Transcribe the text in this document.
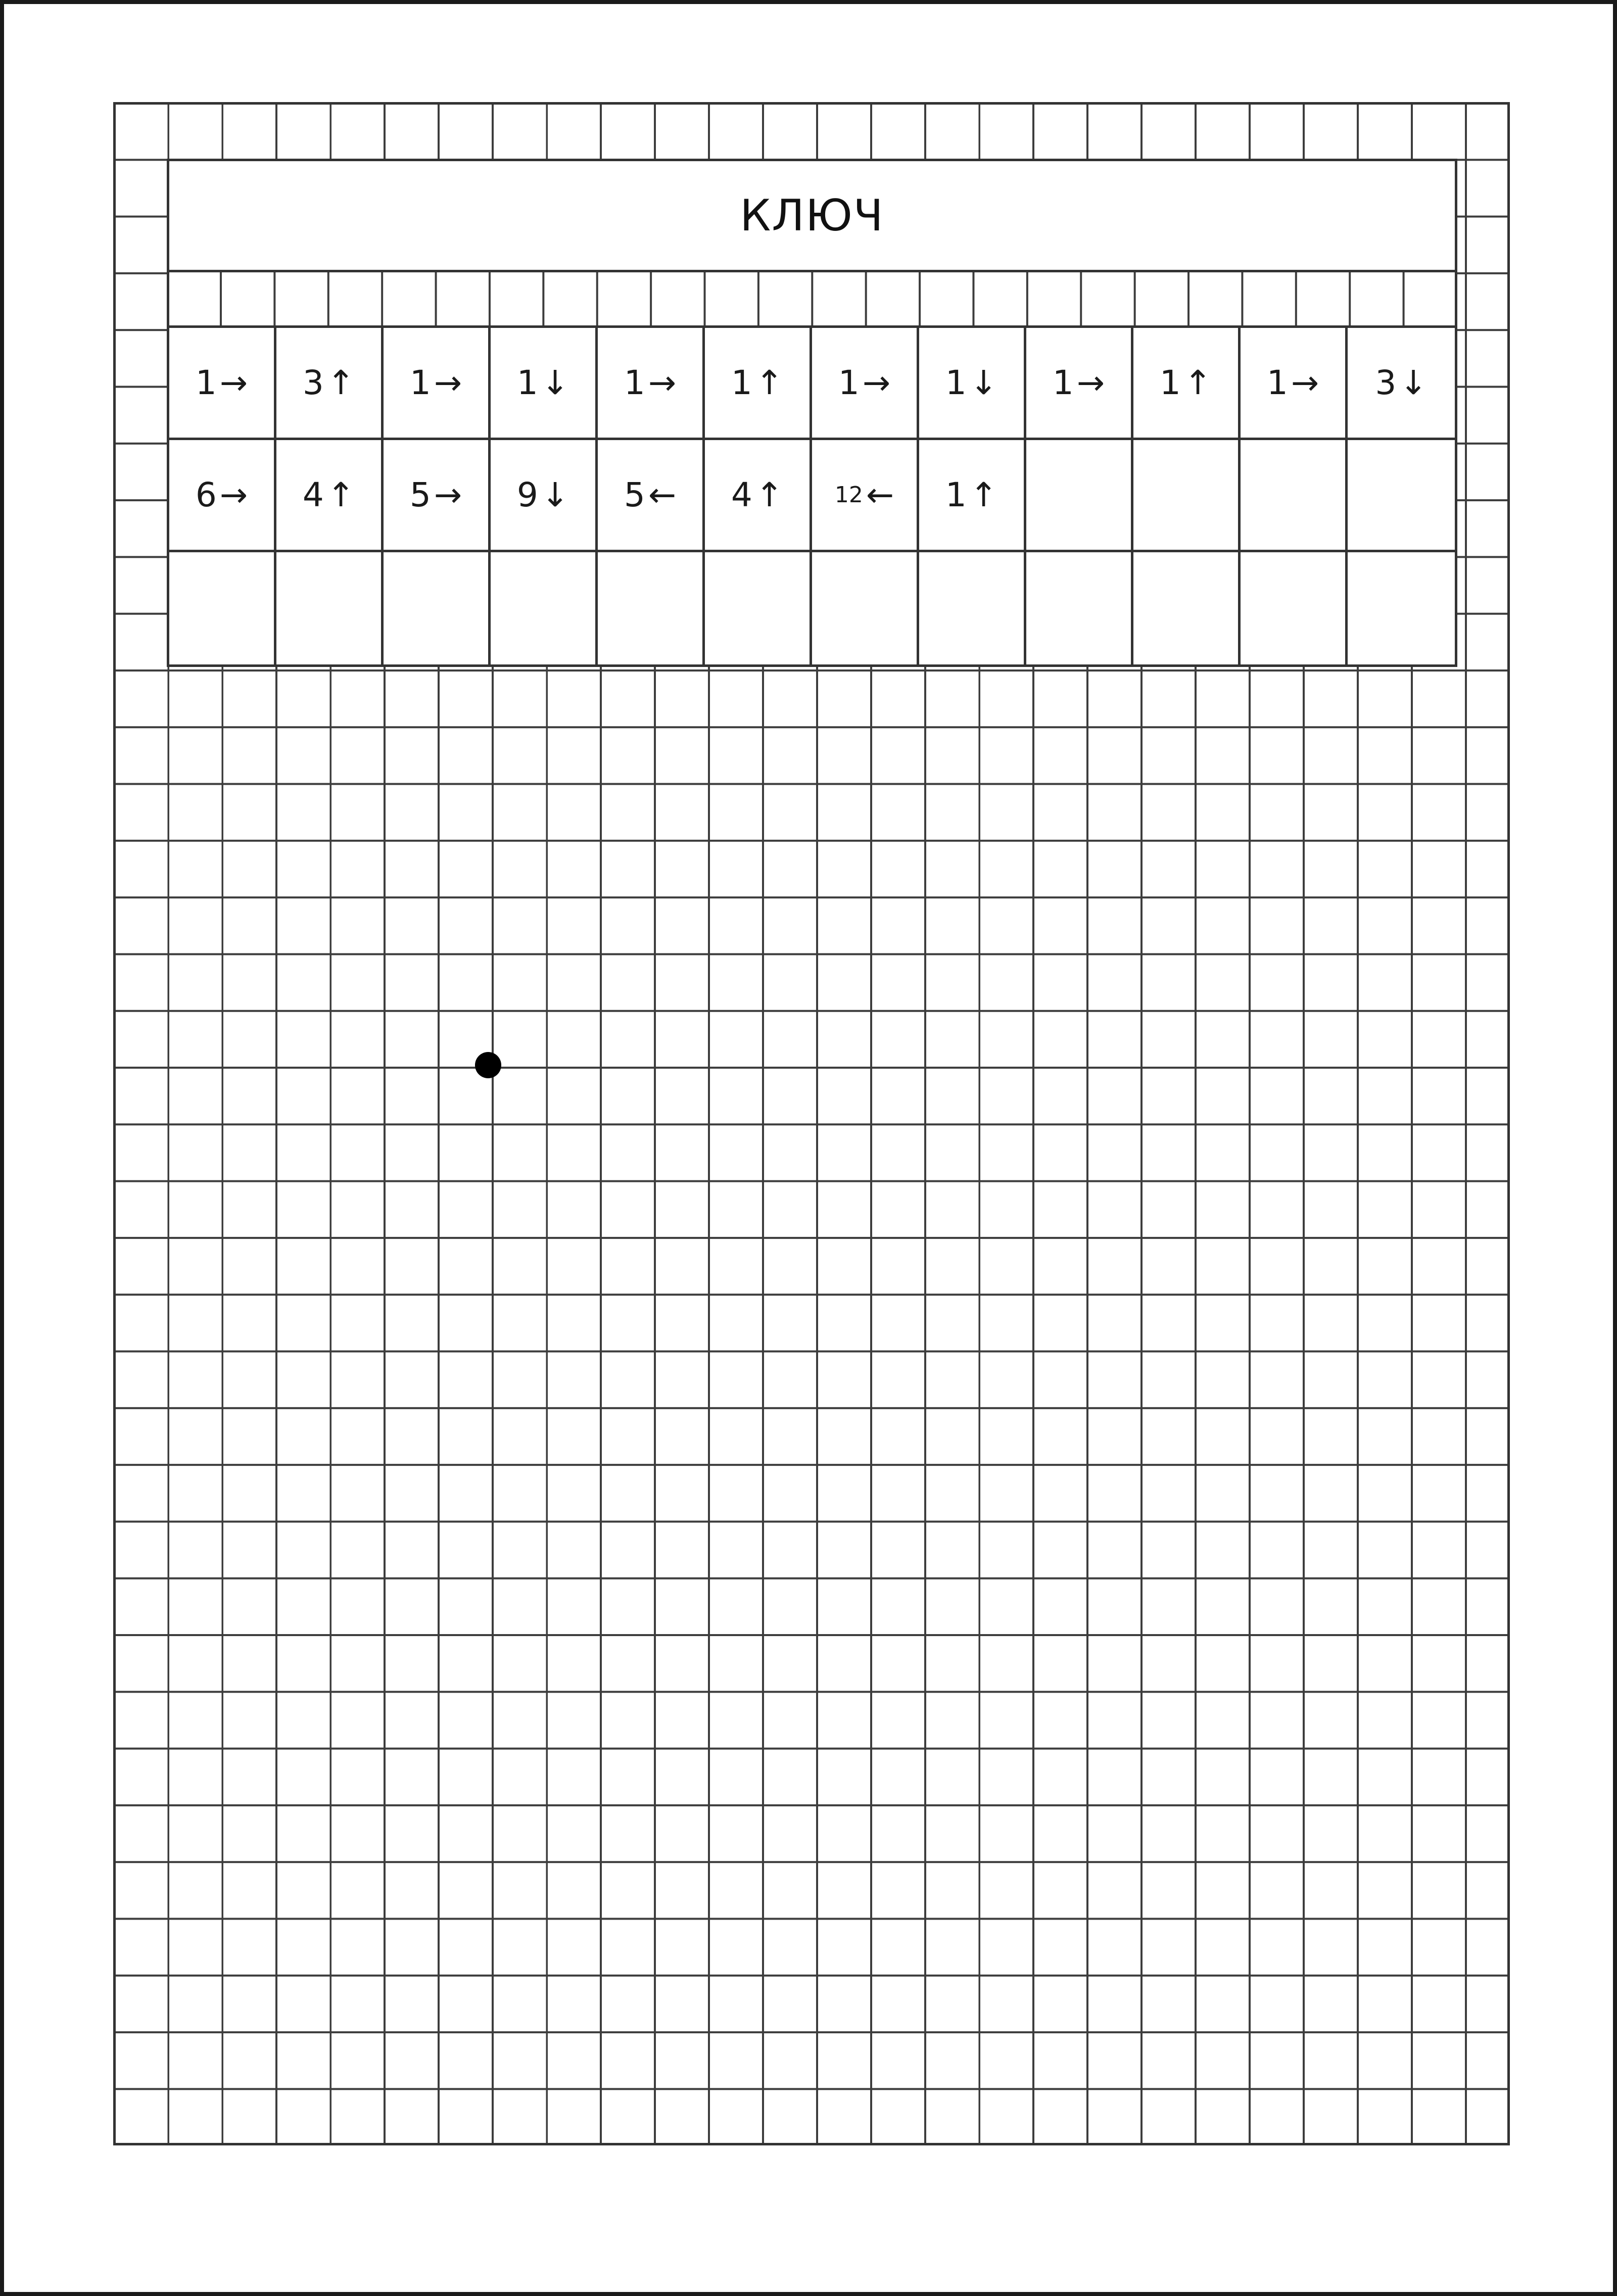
КЛЮЧ
1 → 3 ↑ 1 → 1 ↓ 1 → 1 ↑ 1 → 1 ↓ 1 → 1 ↑ 1 → 3 ↓
6 → 4 ↑ 5 → 9 ↓ 5 ← 4 ↑ 12 ← 1 ↑
